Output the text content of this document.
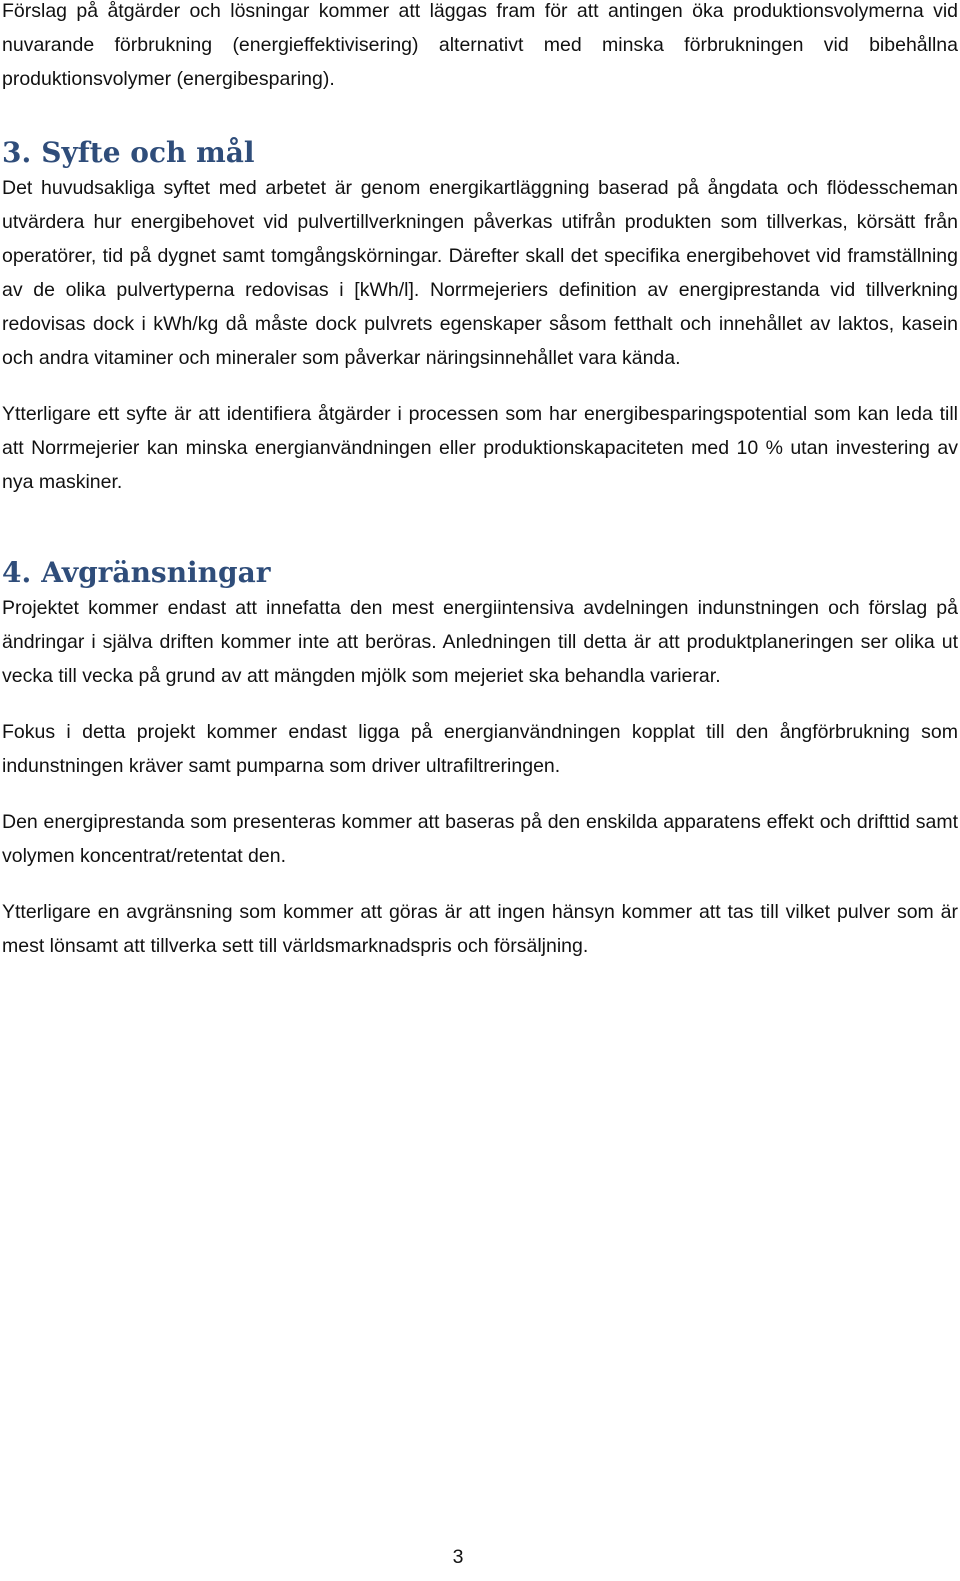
Förslag på åtgärder och lösningar kommer att läggas fram för att antingen öka produktionsvolymerna vid nuvarande förbrukning (energieffektivisering) alternativt med minska förbrukningen vid bibehållna produktionsvolymer (energibesparing).

3. Syfte och mål

Det huvudsakliga syftet med arbetet är genom energikartläggning baserad på ångdata och flödesscheman utvärdera hur energibehovet vid pulvertillverkningen påverkas utifrån produkten som tillverkas, körsätt från operatörer, tid på dygnet samt tomgångskörningar. Därefter skall det specifika energibehovet vid framställning av de olika pulvertyperna redovisas i [kWh/l]. Norrmejeriers definition av energiprestanda vid tillverkning redovisas dock i kWh/kg då måste dock pulvrets egenskaper såsom fetthalt och innehållet av laktos, kasein och andra vitaminer och mineraler som påverkar näringsinnehållet vara kända.

Ytterligare ett syfte är att identifiera åtgärder i processen som har energibesparingspotential som kan leda till att Norrmejerier kan minska energianvändningen eller produktionskapaciteten med 10 % utan investering av nya maskiner.

4. Avgränsningar

Projektet kommer endast att innefatta den mest energiintensiva avdelningen indunstningen och förslag på ändringar i själva driften kommer inte att beröras. Anledningen till detta är att produktplaneringen ser olika ut vecka till vecka på grund av att mängden mjölk som mejeriet ska behandla varierar.

Fokus i detta projekt kommer endast ligga på energianvändningen kopplat till den ångförbrukning som indunstningen kräver samt pumparna som driver ultrafiltreringen.

Den energiprestanda som presenteras kommer att baseras på den enskilda apparatens effekt och drifttid samt volymen koncentrat/retentat den.

Ytterligare en avgränsning som kommer att göras är att ingen hänsyn kommer att tas till vilket pulver som är mest lönsamt att tillverka sett till världsmarknadspris och försäljning.

3
